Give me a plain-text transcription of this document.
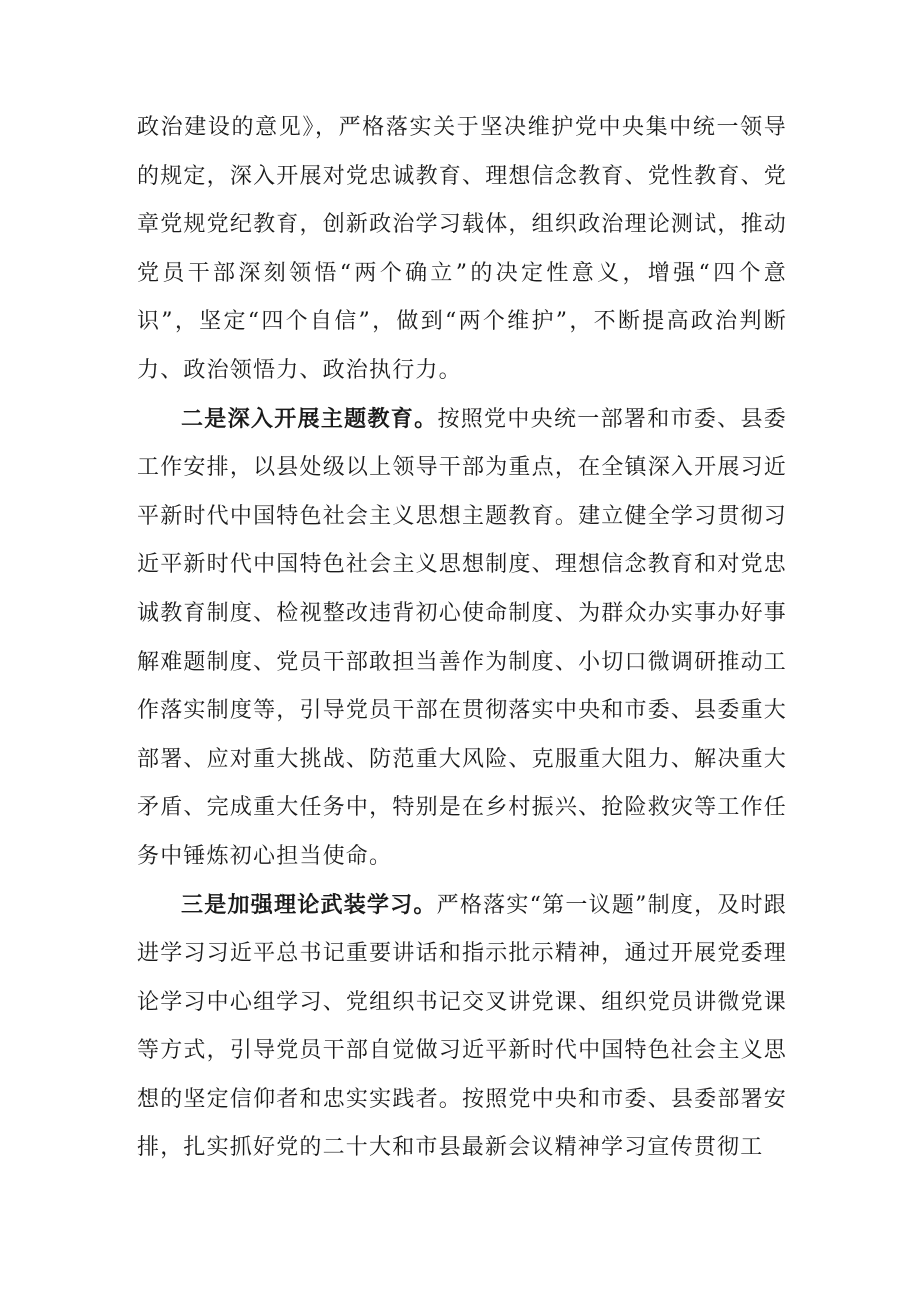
政治建设的意见》，严格落实关于坚决维护党中央集中统一领导的规定，深入开展对党忠诚教育、理想信念教育、党性教育、党章党规党纪教育，创新政治学习载体，组织政治理论测试，推动党员干部深刻领悟“两个确立”的决定性意义，增强“四个意识”，坚定“四个自信”，做到“两个维护”，不断提高政治判断力、政治领悟力、政治执行力。

二是深入开展主题教育。按照党中央统一部署和市委、县委工作安排，以县处级以上领导干部为重点，在全镇深入开展习近平新时代中国特色社会主义思想主题教育。建立健全学习贯彻习近平新时代中国特色社会主义思想制度、理想信念教育和对党忠诚教育制度、检视整改违背初心使命制度、为群众办实事办好事解难题制度、党员干部敢担当善作为制度、小切口微调研推动工作落实制度等，引导党员干部在贯彻落实中央和市委、县委重大部署、应对重大挑战、防范重大风险、克服重大阻力、解决重大矛盾、完成重大任务中，特别是在乡村振兴、抢险救灾等工作任务中锤炼初心担当使命。

三是加强理论武装学习。严格落实“第一议题”制度，及时跟进学习习近平总书记重要讲话和指示批示精神，通过开展党委理论学习中心组学习、党组织书记交叉讲党课、组织党员讲微党课等方式，引导党员干部自觉做习近平新时代中国特色社会主义思想的坚定信仰者和忠实实践者。按照党中央和市委、县委部署安排，扎实抓好党的二十大和市县最新会议精神学习宣传贯彻工
